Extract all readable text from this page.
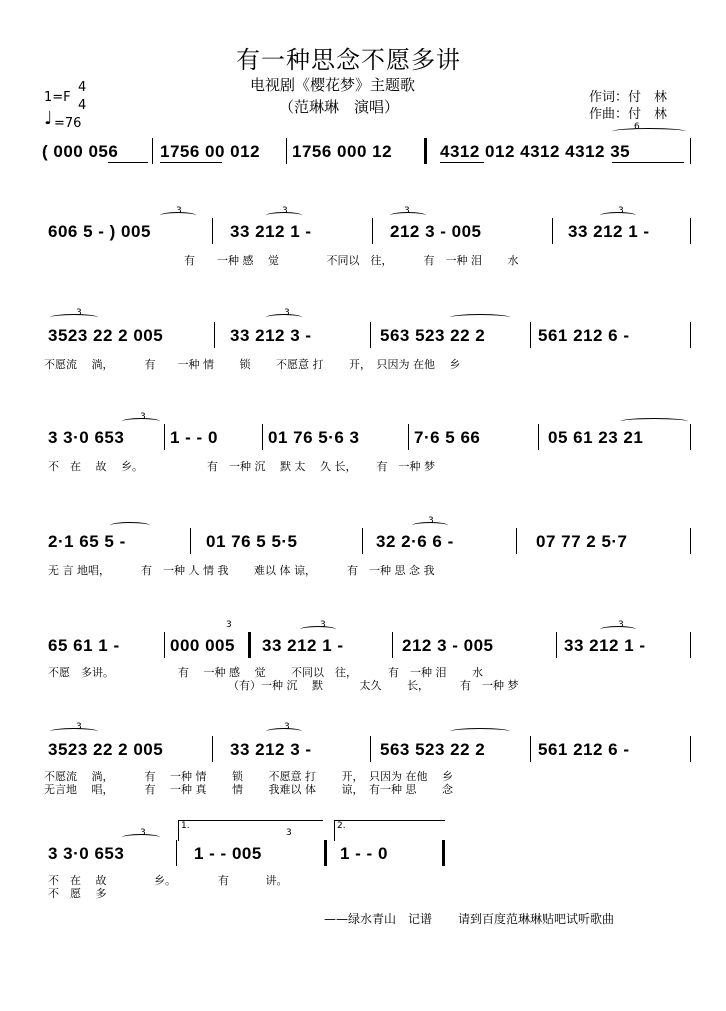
有一种思念不愿多讲
电视剧《樱花梦》主题歌
（范琳琳　演唱）
1=F
4
4
♩ =76
作词：付　林
作曲：付　林
( 000 056 1756 00 012 1756 000 12	4312 012 4312 4312 35
6
606 5 - ) 005	33 212 1 -	212 3 - 005	33 212 1 -
3	3	3	3
有　　一种 感　 觉　　　　 不同以　往，　　　 有　一种 泪　　 水
3523 22 2 005	33 212 3 -	563 523 22 2	561 212 6 -
3	3
不愿流　 淌，　　　 有　　一种 情　　 锁　　 不愿意 打　　 开，　只因为 在他　 乡
3 3·0 653	1 - - 0	01 76 5·6 3	7·6 5 66	05 61 23 21
3
不　在　 故　 乡。　　　　　　 有　一种 沉　 默 太　 久 长，　　 有　一种 梦
2·1 65 5 -	01 76 5 5·5	32 2·6 6 -	07 77 2 5·7
3
无 言 地唱，　　　 有　一种 人 情 我　　 难以 体 谅，　　　 有　一种 思 念 我
65 61 1 -	000 005 33 212 1 -	212 3 - 005	33 212 1 -
3	3	3
不愿　多讲。　　　　　　 有　 一种 感　 觉　　 不同以　往，　　　 有　一种 泪　　 水
（有）一种 沉　 默　　　 太久　　 长，　　　 有　一种 梦
3523 22 2 005	33 212 3 -	563 523 22 2	561 212 6 -
3	3
不愿流　 淌，　　　 有　 一种 情　　 锁　　 不愿意 打　　 开，　只因为 在他　 乡
无言地　 唱，　　　 有　 一种 真　　 情　　 我难以 体　　 谅，　有一种 思　　 念
3 3·0 653
1.
1 - - 005
2.
1 - - 0
3	3
不　在　 故　　　　 乡。　　　　 有　　　 讲。
不　愿　 多
——绿水青山　记谱 请到百度范琳琳贴吧试听歌曲
